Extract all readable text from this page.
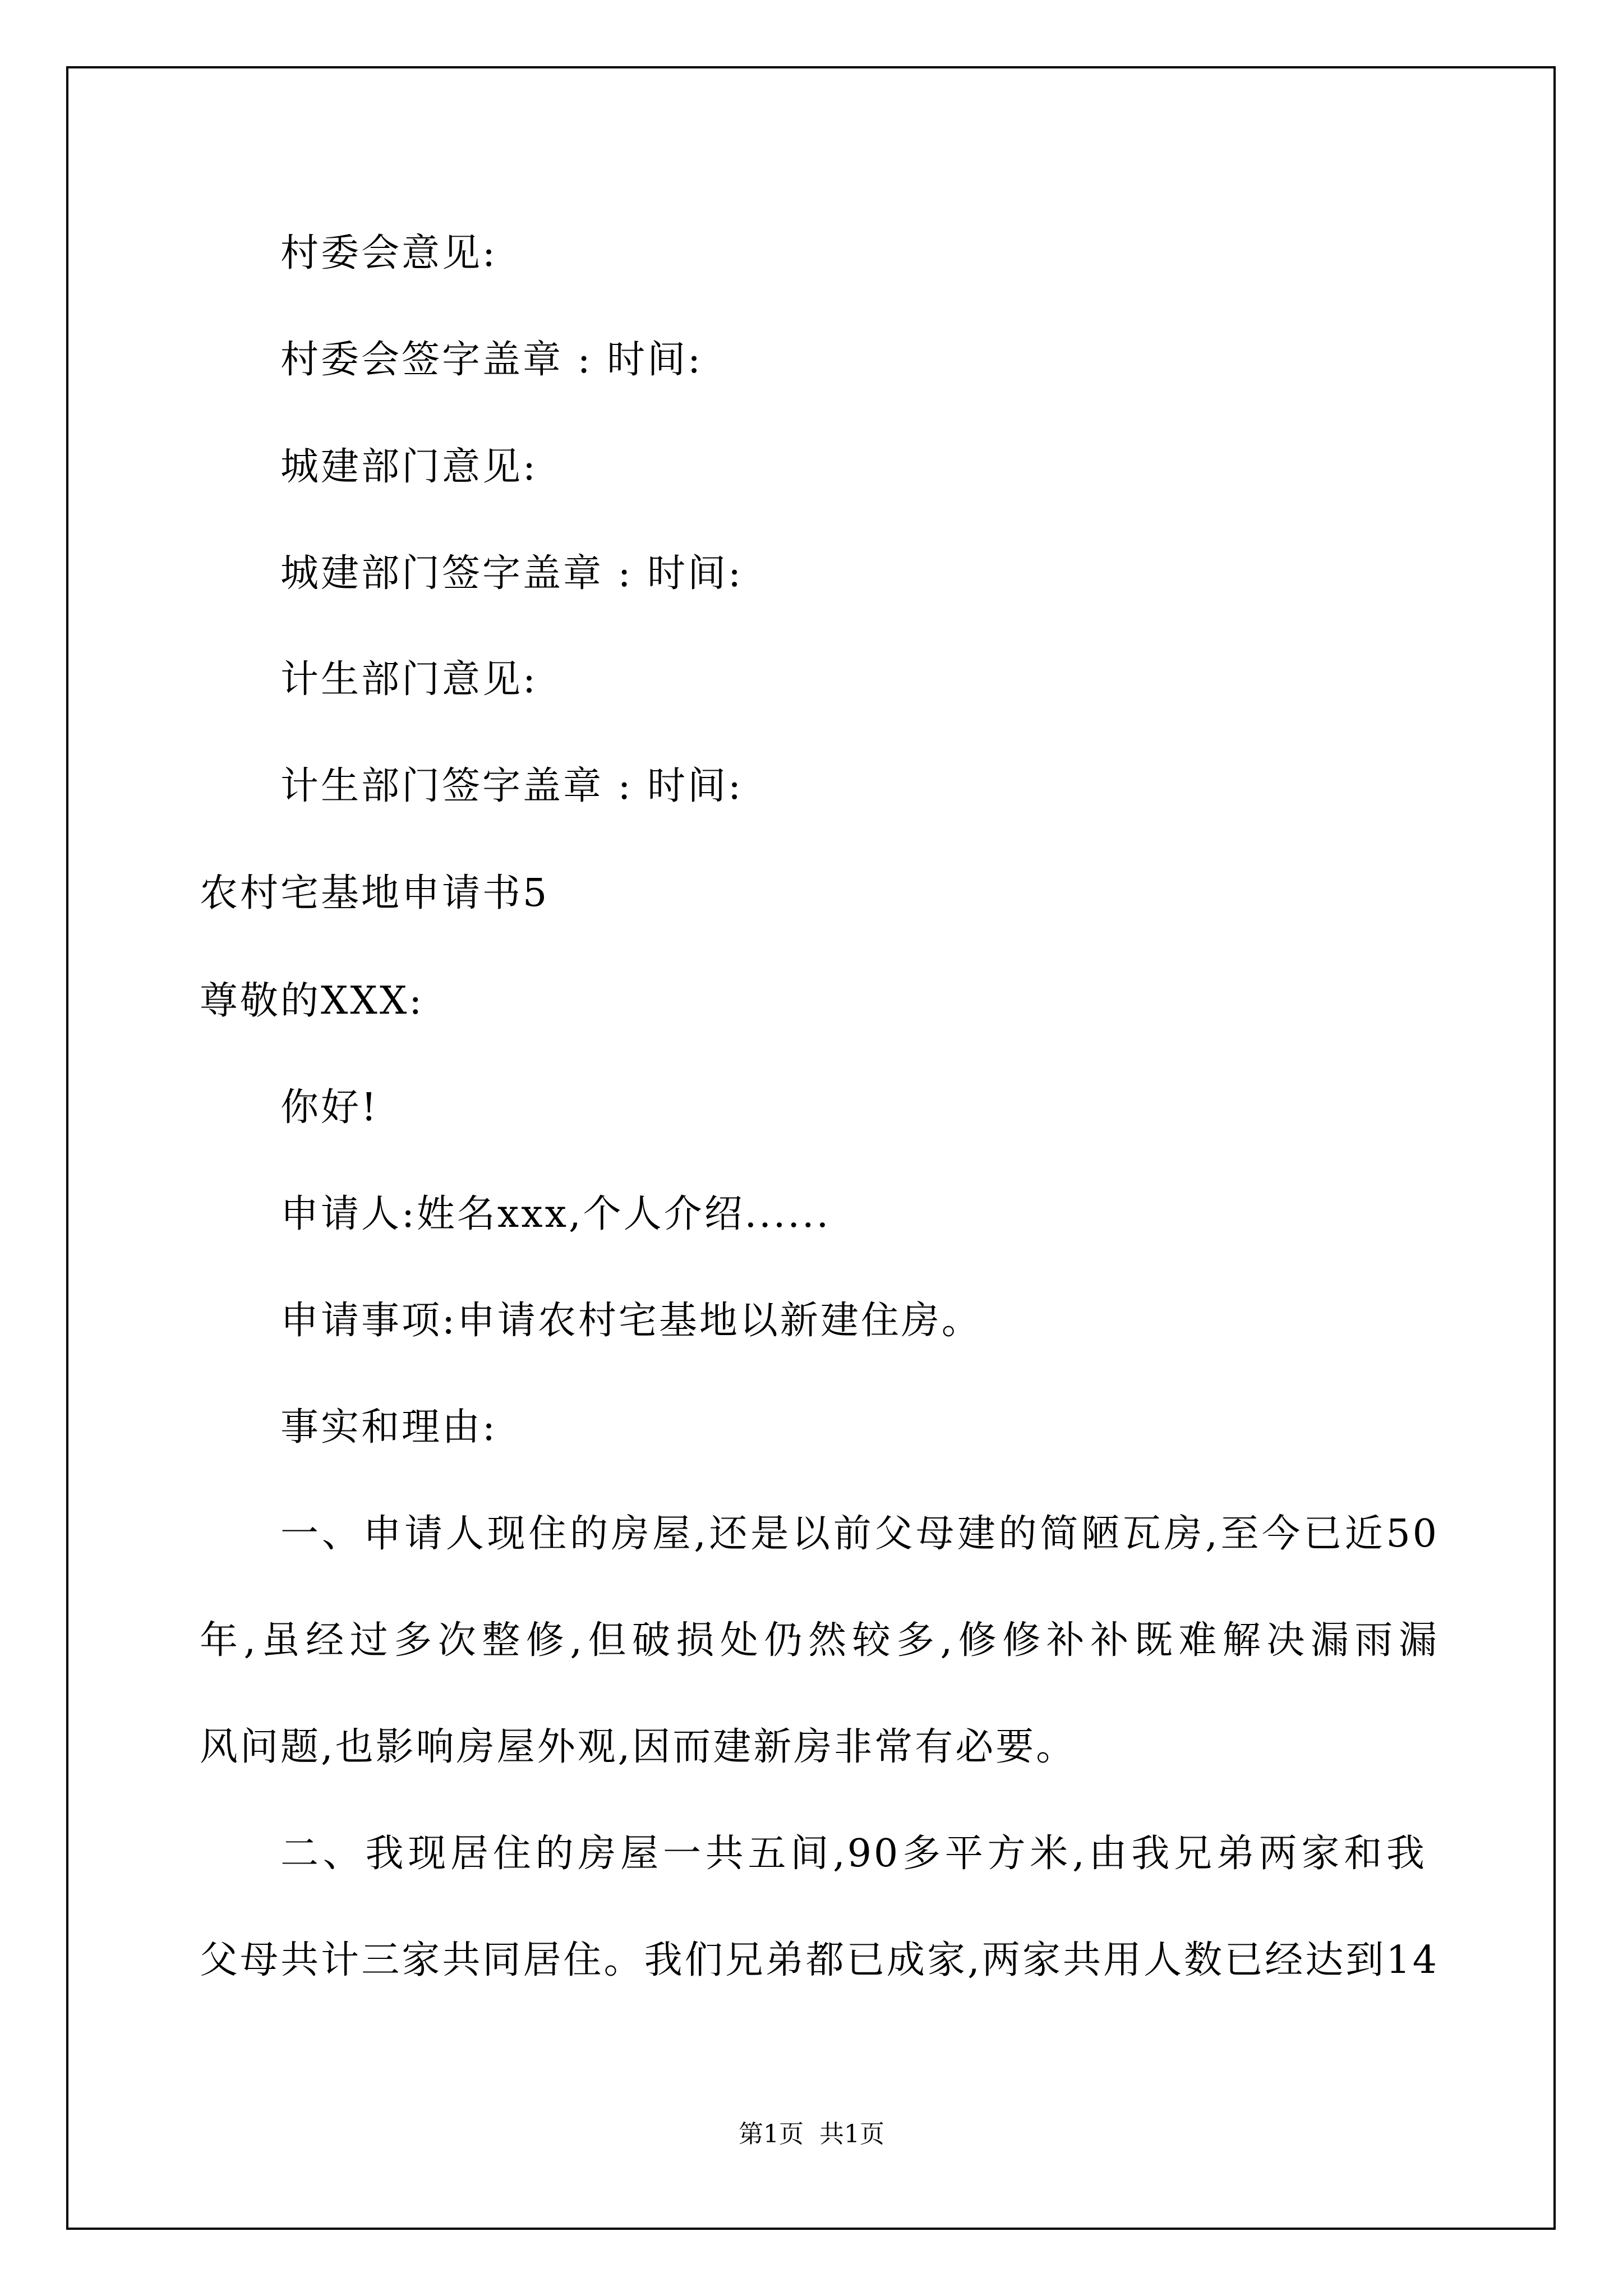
村委会意见:
村委会签字盖章 : 时间:
城建部门意见:
城建部门签字盖章 : 时间:
计生部门意见:
计生部门签字盖章 : 时间:
农村宅基地申请书5
尊敬的XXX:
你好!
申请人:姓名xxx,个人介绍......
申请事项:申请农村宅基地以新建住房。
事实和理由:
一、申请人现住的房屋,还是以前父母建的简陋瓦房,至今已近50
年,虽经过多次整修,但破损处仍然较多,修修补补既难解决漏雨漏
风问题,也影响房屋外观,因而建新房非常有必要。
二、我现居住的房屋一共五间,90多平方米,由我兄弟两家和我
父母共计三家共同居住。我们兄弟都已成家,两家共用人数已经达到14
第1页  共1页
